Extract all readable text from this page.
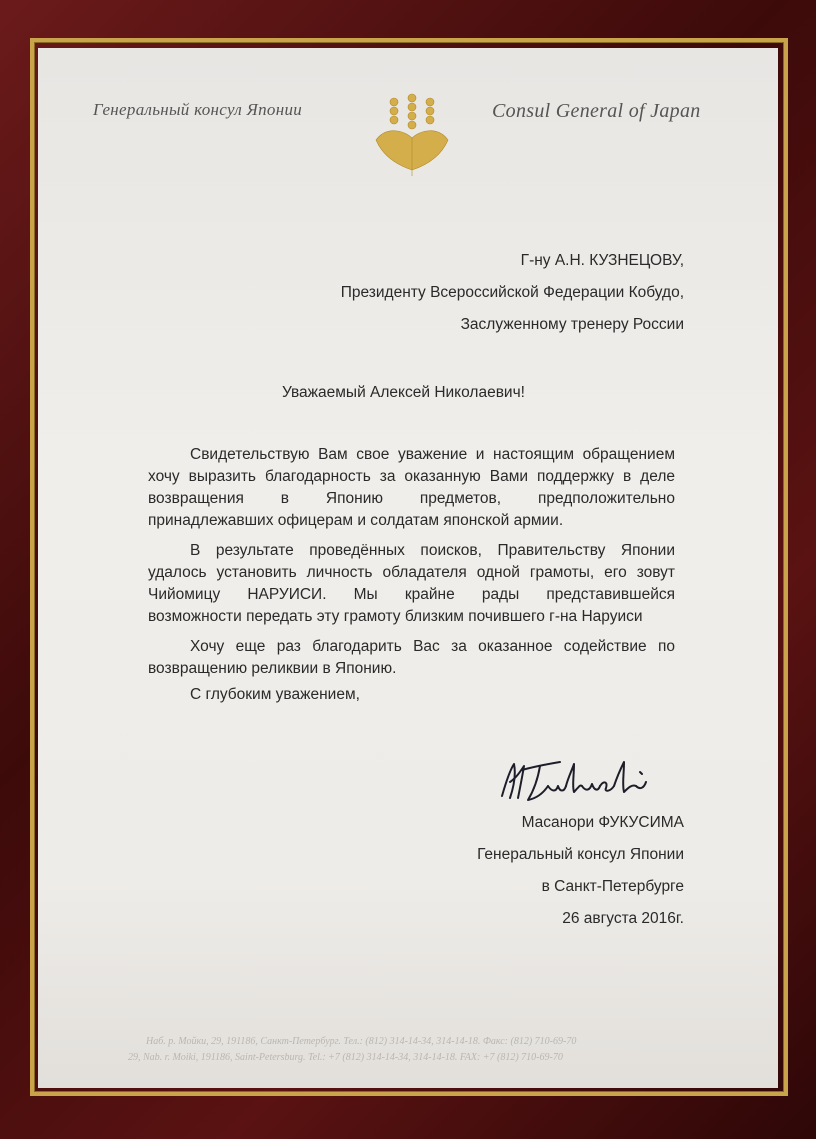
Генеральный консул Японии	Consul General of Japan
Г-ну А.Н. КУЗНЕЦОВУ,
Президенту Всероссийской Федерации Кобудо,
Заслуженному тренеру России
Уважаемый Алексей Николаевич!
Свидетельствую Вам свое уважение и настоящим обращением
хочу выразить благодарность за оказанную Вами поддержку в деле
возвращения в Японию предметов, предположительно
принадлежавших офицерам и солдатам японской армии.
В результате проведённых поисков, Правительству Японии
удалось установить личность обладателя одной грамоты, его зовут
Чийомицу НАРУИСИ. Мы крайне рады представившейся
возможности передать эту грамоту близким почившего г-на Наруиси
Хочу еще раз благодарить Вас за оказанное содействие по
возвращению реликвии в Японию.
С глубоким уважением,
Масанори ФУКУСИМА
Генеральный консул Японии
в Санкт-Петербурге
26 августа 2016г.
Наб. р. Мойки, 29, 191186, Санкт-Петербург. Тел.: (812) 314-14-34, 314-14-18. Факс: (812) 710-69-70
29, Nab. r. Moiki, 191186, Saint-Petersburg. Tel.: +7 (812) 314-14-34, 314-14-18. FAX: +7 (812) 710-69-70
